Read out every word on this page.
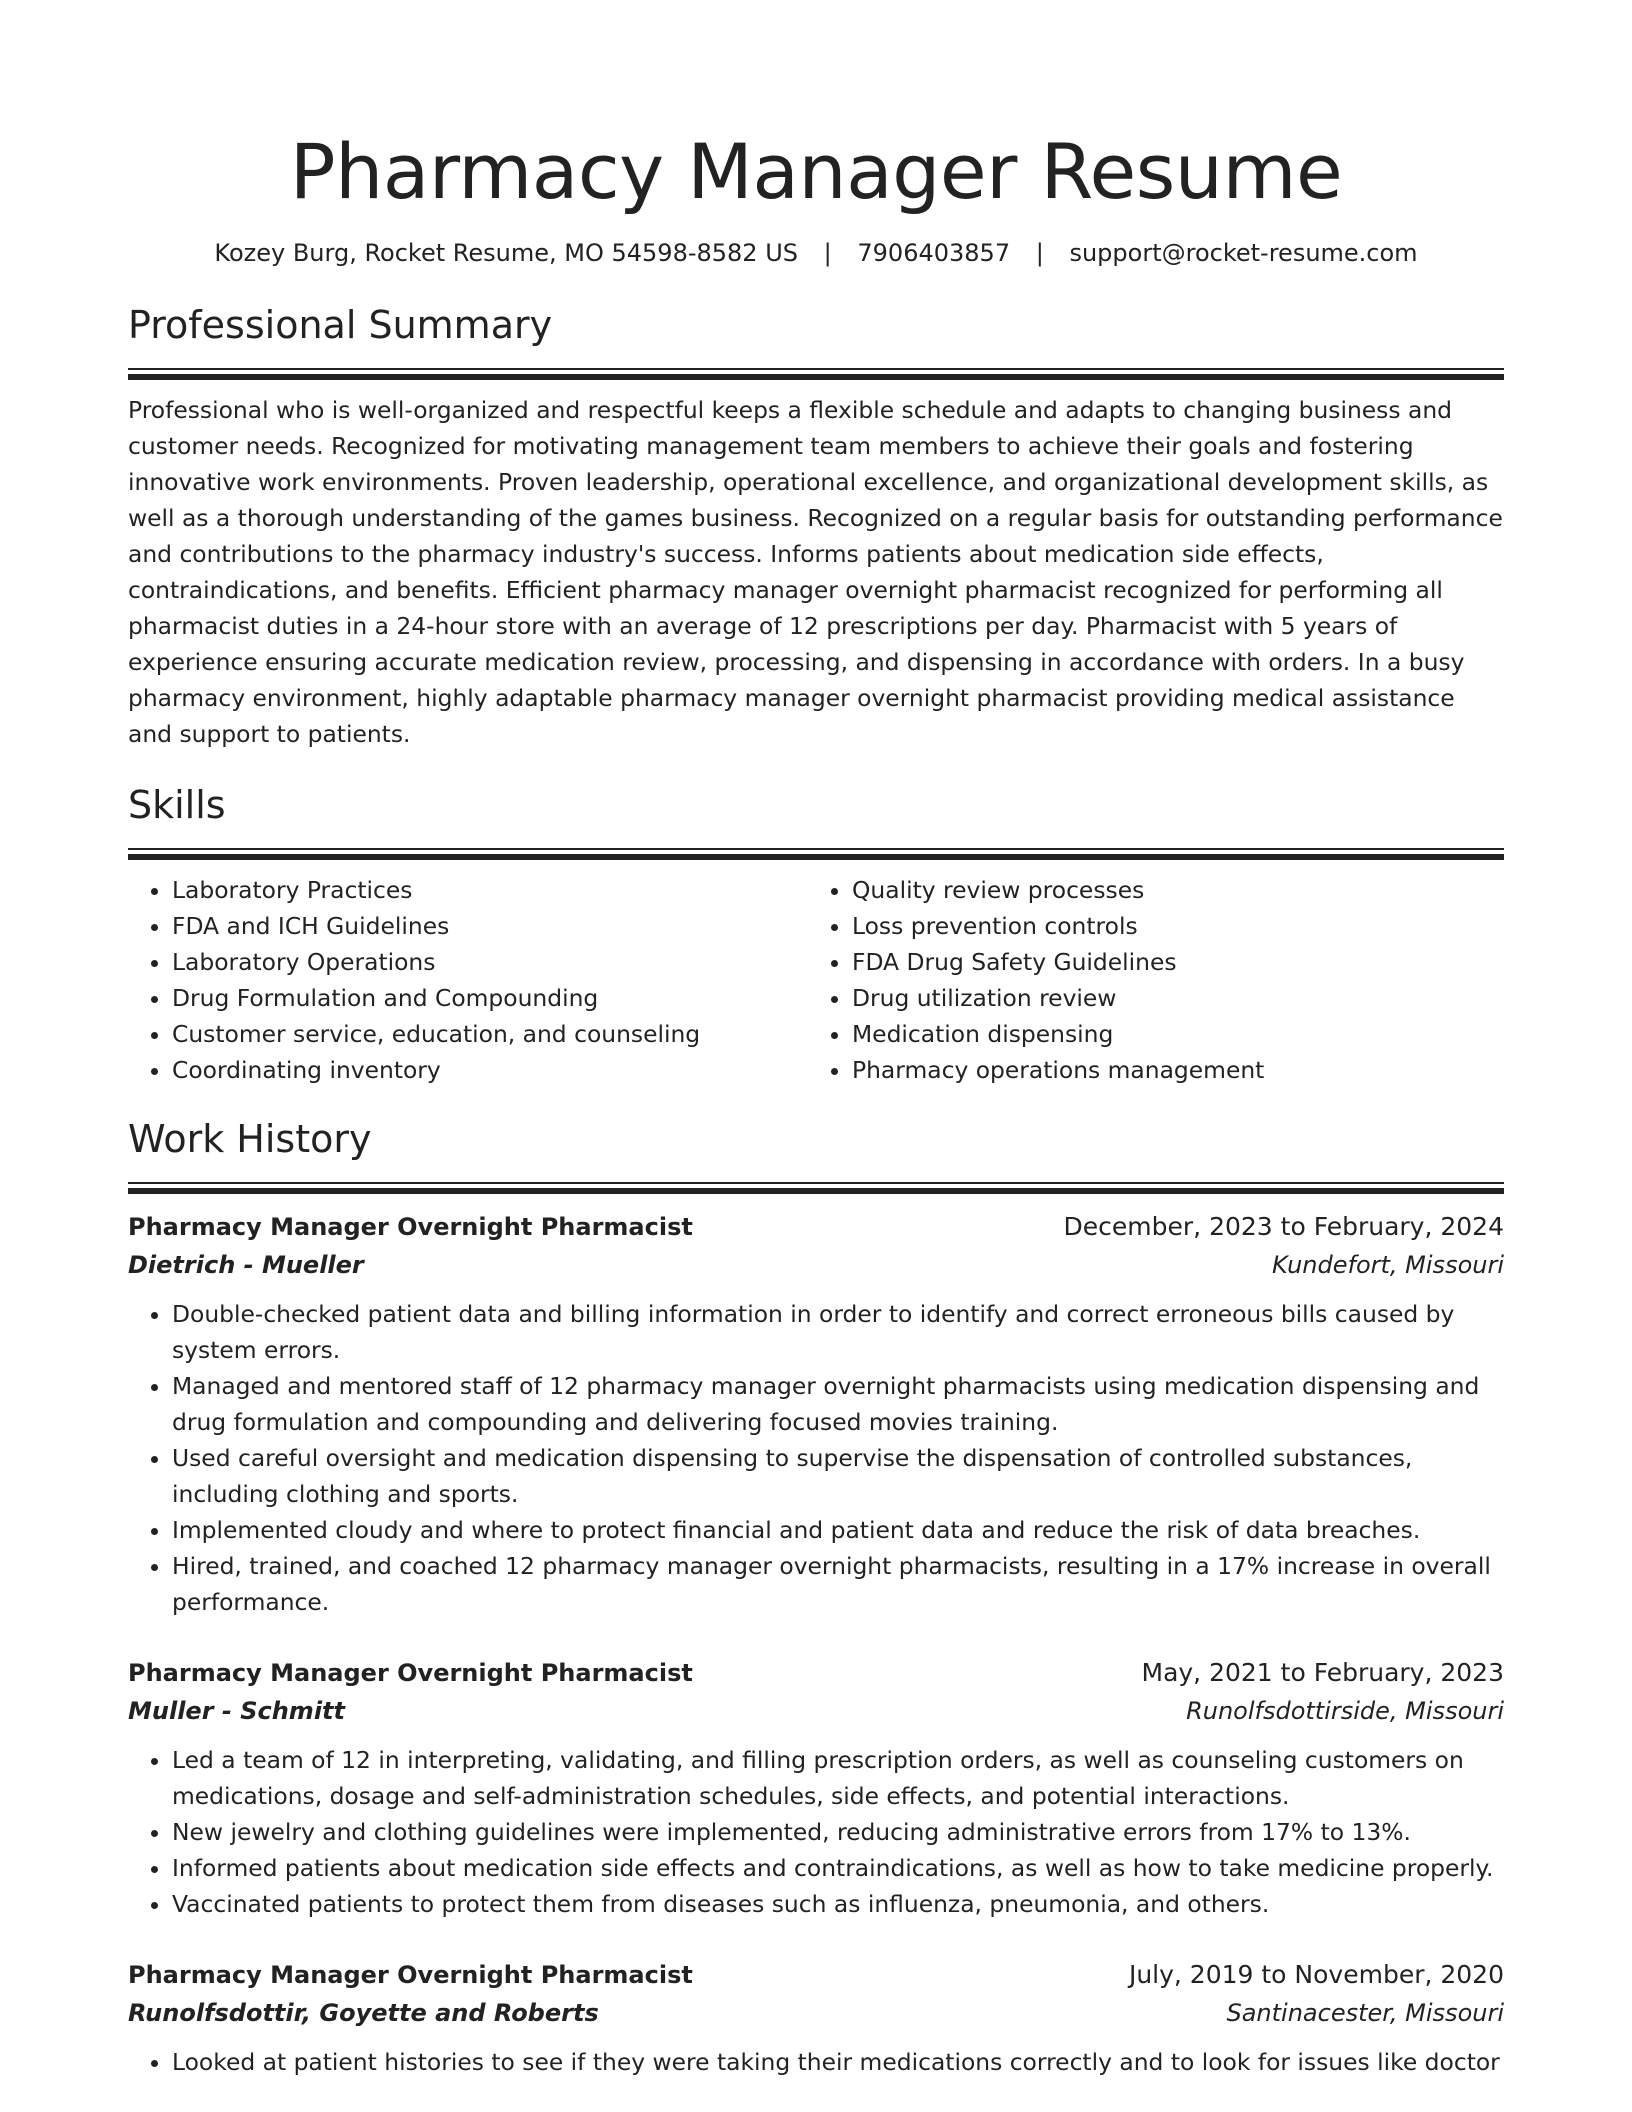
Pharmacy Manager Resume
Kozey Burg, Rocket Resume, MO 54598-8582 US | 7906403857 | support@rocket-resume.com
Professional Summary

Professional who is well-organized and respectful keeps a flexible schedule and adapts to changing business and customer needs. Recognized for motivating management team members to achieve their goals and fostering innovative work environments. Proven leadership, operational excellence, and organizational development skills, as well as a thorough understanding of the games business. Recognized on a regular basis for outstanding performance and contributions to the pharmacy industry's success. Informs patients about medication side effects, contraindications, and benefits. Efficient pharmacy manager overnight pharmacist recognized for performing all pharmacist duties in a 24-hour store with an average of 12 prescriptions per day. Pharmacist with 5 years of experience ensuring accurate medication review, processing, and dispensing in accordance with orders. In a busy pharmacy environment, highly adaptable pharmacy manager overnight pharmacist providing medical assistance and support to patients.

Skills
• Laboratory Practices
• FDA and ICH Guidelines
• Laboratory Operations
• Drug Formulation and Compounding
• Customer service, education, and counseling
• Coordinating inventory
• Quality review processes
• Loss prevention controls
• FDA Drug Safety Guidelines
• Drug utilization review
• Medication dispensing
• Pharmacy operations management
Work History
Pharmacy Manager Overnight Pharmacist	December, 2023 to February, 2024
Dietrich - Mueller	Kundefort, Missouri
• Double-checked patient data and billing information in order to identify and correct erroneous bills caused by system errors.
• Managed and mentored staff of 12 pharmacy manager overnight pharmacists using medication dispensing and drug formulation and compounding and delivering focused movies training.
• Used careful oversight and medication dispensing to supervise the dispensation of controlled substances, including clothing and sports.
• Implemented cloudy and where to protect financial and patient data and reduce the risk of data breaches.
• Hired, trained, and coached 12 pharmacy manager overnight pharmacists, resulting in a 17% increase in overall performance.
Pharmacy Manager Overnight Pharmacist	May, 2021 to February, 2023
Muller - Schmitt	Runolfsdottirside, Missouri
• Led a team of 12 in interpreting, validating, and filling prescription orders, as well as counseling customers on medications, dosage and self-administration schedules, side effects, and potential interactions.
• New jewelry and clothing guidelines were implemented, reducing administrative errors from 17% to 13%.
• Informed patients about medication side effects and contraindications, as well as how to take medicine properly.
• Vaccinated patients to protect them from diseases such as influenza, pneumonia, and others.
Pharmacy Manager Overnight Pharmacist	July, 2019 to November, 2020
Runolfsdottir, Goyette and Roberts	Santinacester, Missouri
• Looked at patient histories to see if they were taking their medications correctly and to look for issues like doctor
